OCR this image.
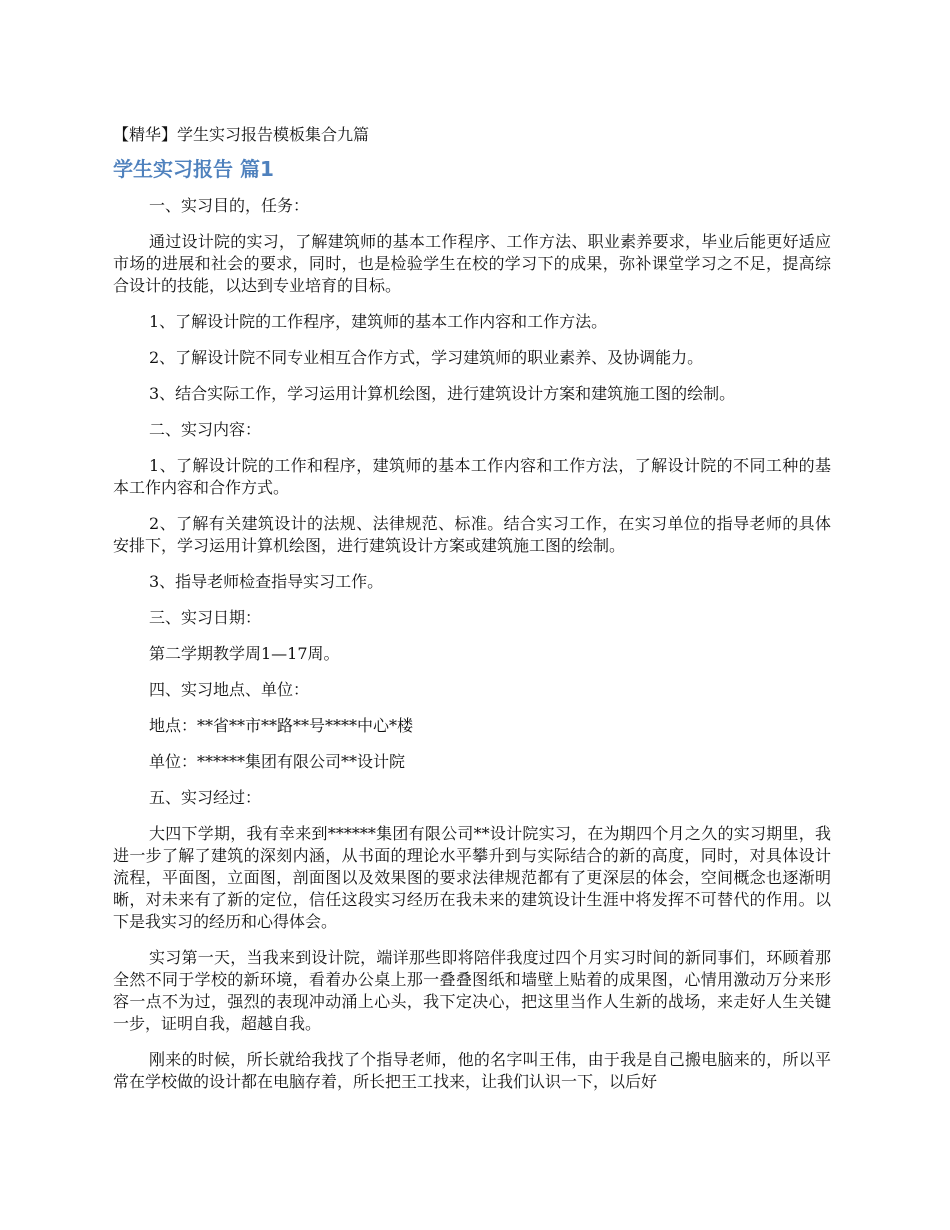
【精华】学生实习报告模板集合九篇

学生实习报告 篇1

一、实习目的，任务：

通过设计院的实习，了解建筑师的基本工作程序、工作方法、职业素养要求，毕业后能更好适应市场的进展和社会的要求，同时，也是检验学生在校的学习下的成果，弥补课堂学习之不足，提高综合设计的技能，以达到专业培育的目标。

1、了解设计院的工作程序，建筑师的基本工作内容和工作方法。

2、了解设计院不同专业相互合作方式，学习建筑师的职业素养、及协调能力。

3、结合实际工作，学习运用计算机绘图，进行建筑设计方案和建筑施工图的绘制。

二、实习内容：

1、了解设计院的工作和程序，建筑师的基本工作内容和工作方法，了解设计院的不同工种的基本工作内容和合作方式。

2、了解有关建筑设计的法规、法律规范、标准。结合实习工作，在实习单位的指导老师的具体安排下，学习运用计算机绘图，进行建筑设计方案或建筑施工图的绘制。

3、指导老师检查指导实习工作。

三、实习日期：

第二学期教学周1—17周。

四、实习地点、单位：

地点：**省**市**路**号****中心*楼

单位：******集团有限公司**设计院

五、实习经过：

大四下学期，我有幸来到******集团有限公司**设计院实习，在为期四个月之久的实习期里，我进一步了解了建筑的深刻内涵，从书面的理论水平攀升到与实际结合的新的高度，同时，对具体设计流程，平面图，立面图，剖面图以及效果图的要求法律规范都有了更深层的体会，空间概念也逐渐明晰，对未来有了新的定位，信任这段实习经历在我未来的建筑设计生涯中将发挥不可替代的作用。以下是我实习的经历和心得体会。

实习第一天，当我来到设计院，端详那些即将陪伴我度过四个月实习时间的新同事们，环顾着那全然不同于学校的新环境，看着办公桌上那一叠叠图纸和墙壁上贴着的成果图，心情用激动万分来形容一点不为过，强烈的表现冲动涌上心头，我下定决心，把这里当作人生新的战场，来走好人生关键一步，证明自我，超越自我。

刚来的时候，所长就给我找了个指导老师，他的名字叫王伟，由于我是自己搬电脑来的，所以平常在学校做的设计都在电脑存着，所长把王工找来，让我们认识一下，以后好
